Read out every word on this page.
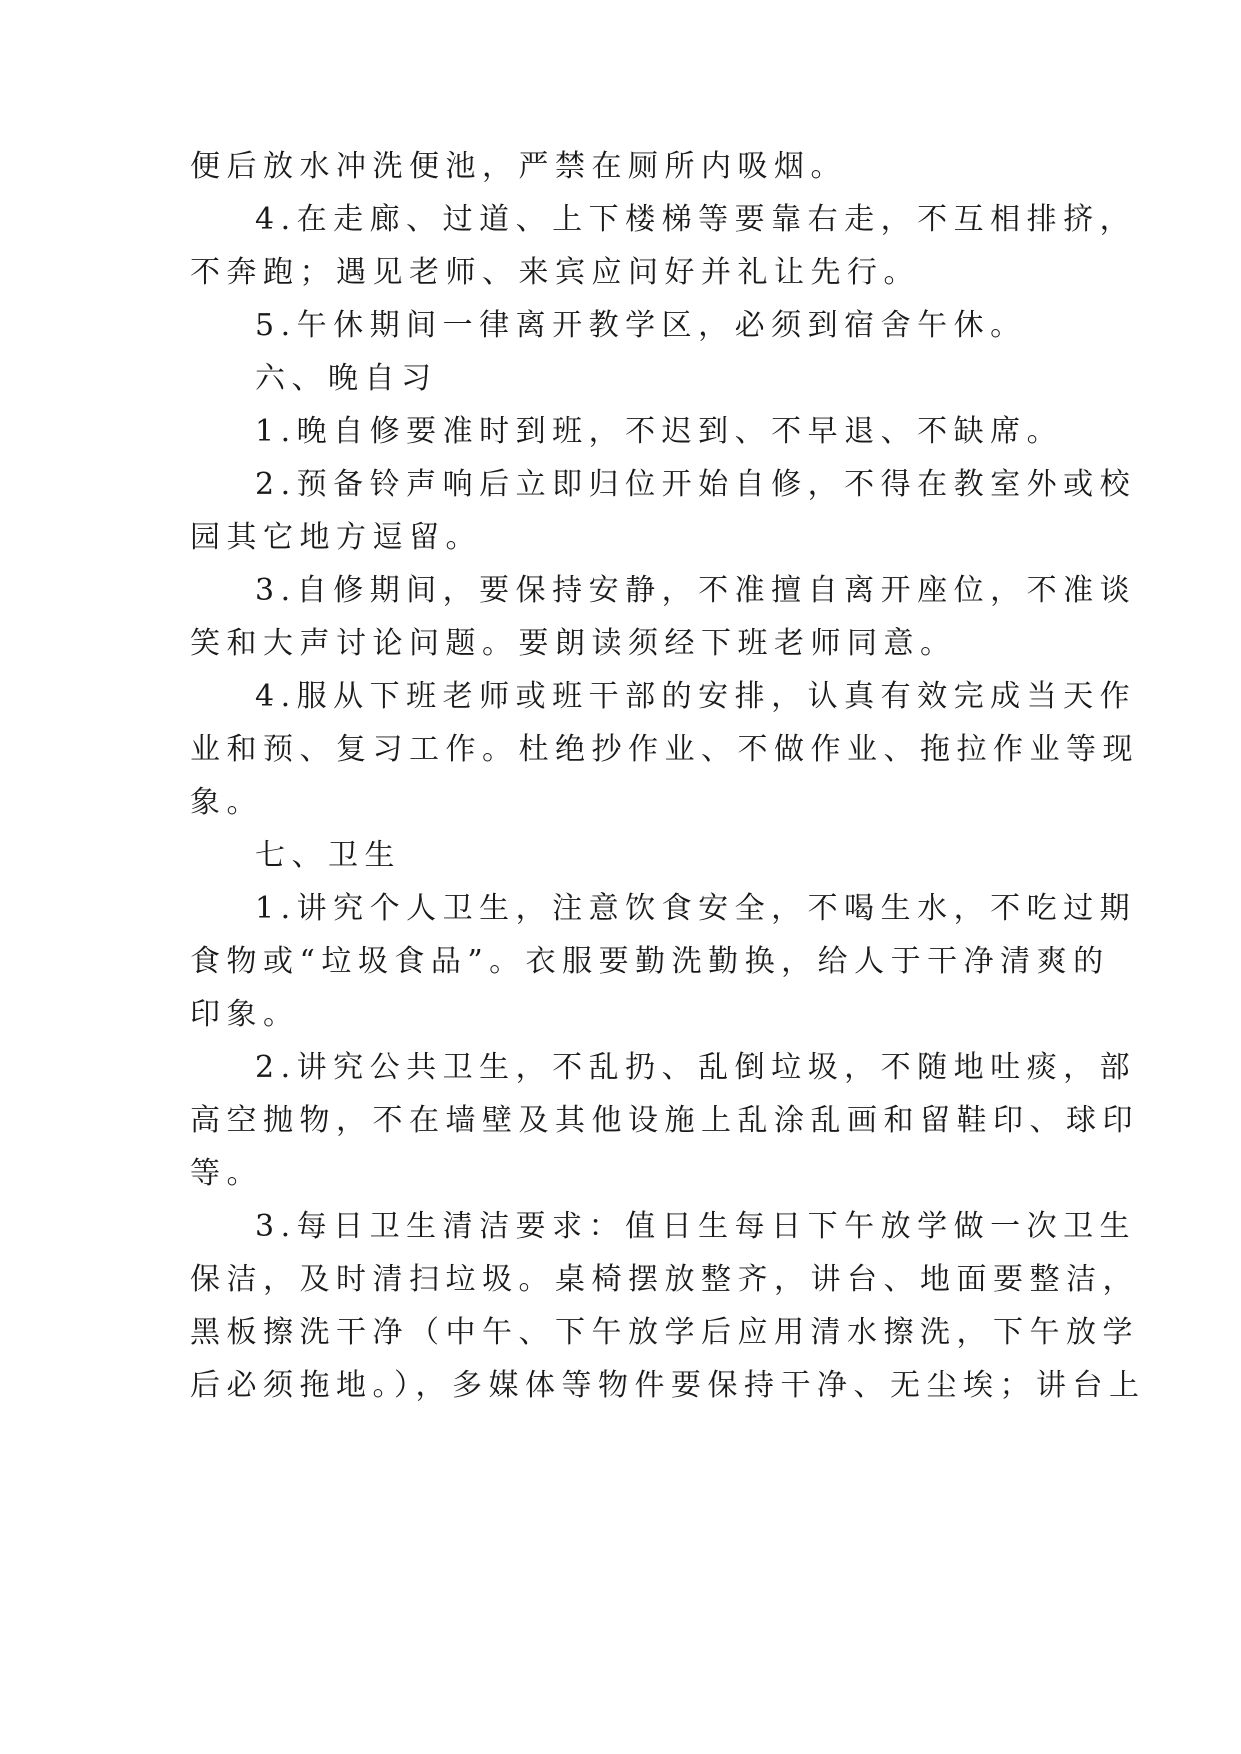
便后放水冲洗便池，严禁在厕所内吸烟。
4.在走廊、过道、上下楼梯等要靠右走，不互相排挤，
不奔跑；遇见老师、来宾应问好并礼让先行。
5.午休期间一律离开教学区，必须到宿舍午休。
六、晚自习
1.晚自修要准时到班，不迟到、不早退、不缺席。
2.预备铃声响后立即归位开始自修，不得在教室外或校
园其它地方逗留。
3.自修期间，要保持安静，不准擅自离开座位，不准谈
笑和大声讨论问题。要朗读须经下班老师同意。
4.服从下班老师或班干部的安排，认真有效完成当天作
业和预、复习工作。杜绝抄作业、不做作业、拖拉作业等现
象。
七、卫生
1.讲究个人卫生，注意饮食安全，不喝生水，不吃过期
食物或“垃圾食品”。衣服要勤洗勤换，给人于干净清爽的
印象。
2.讲究公共卫生，不乱扔、乱倒垃圾，不随地吐痰，部
高空抛物，不在墙壁及其他设施上乱涂乱画和留鞋印、球印
等。
3.每日卫生清洁要求：值日生每日下午放学做一次卫生
保洁，及时清扫垃圾。桌椅摆放整齐，讲台、地面要整洁，
黑板擦洗干净（中午、下午放学后应用清水擦洗，下午放学
后必须拖地。），多媒体等物件要保持干净、无尘埃；讲台上
